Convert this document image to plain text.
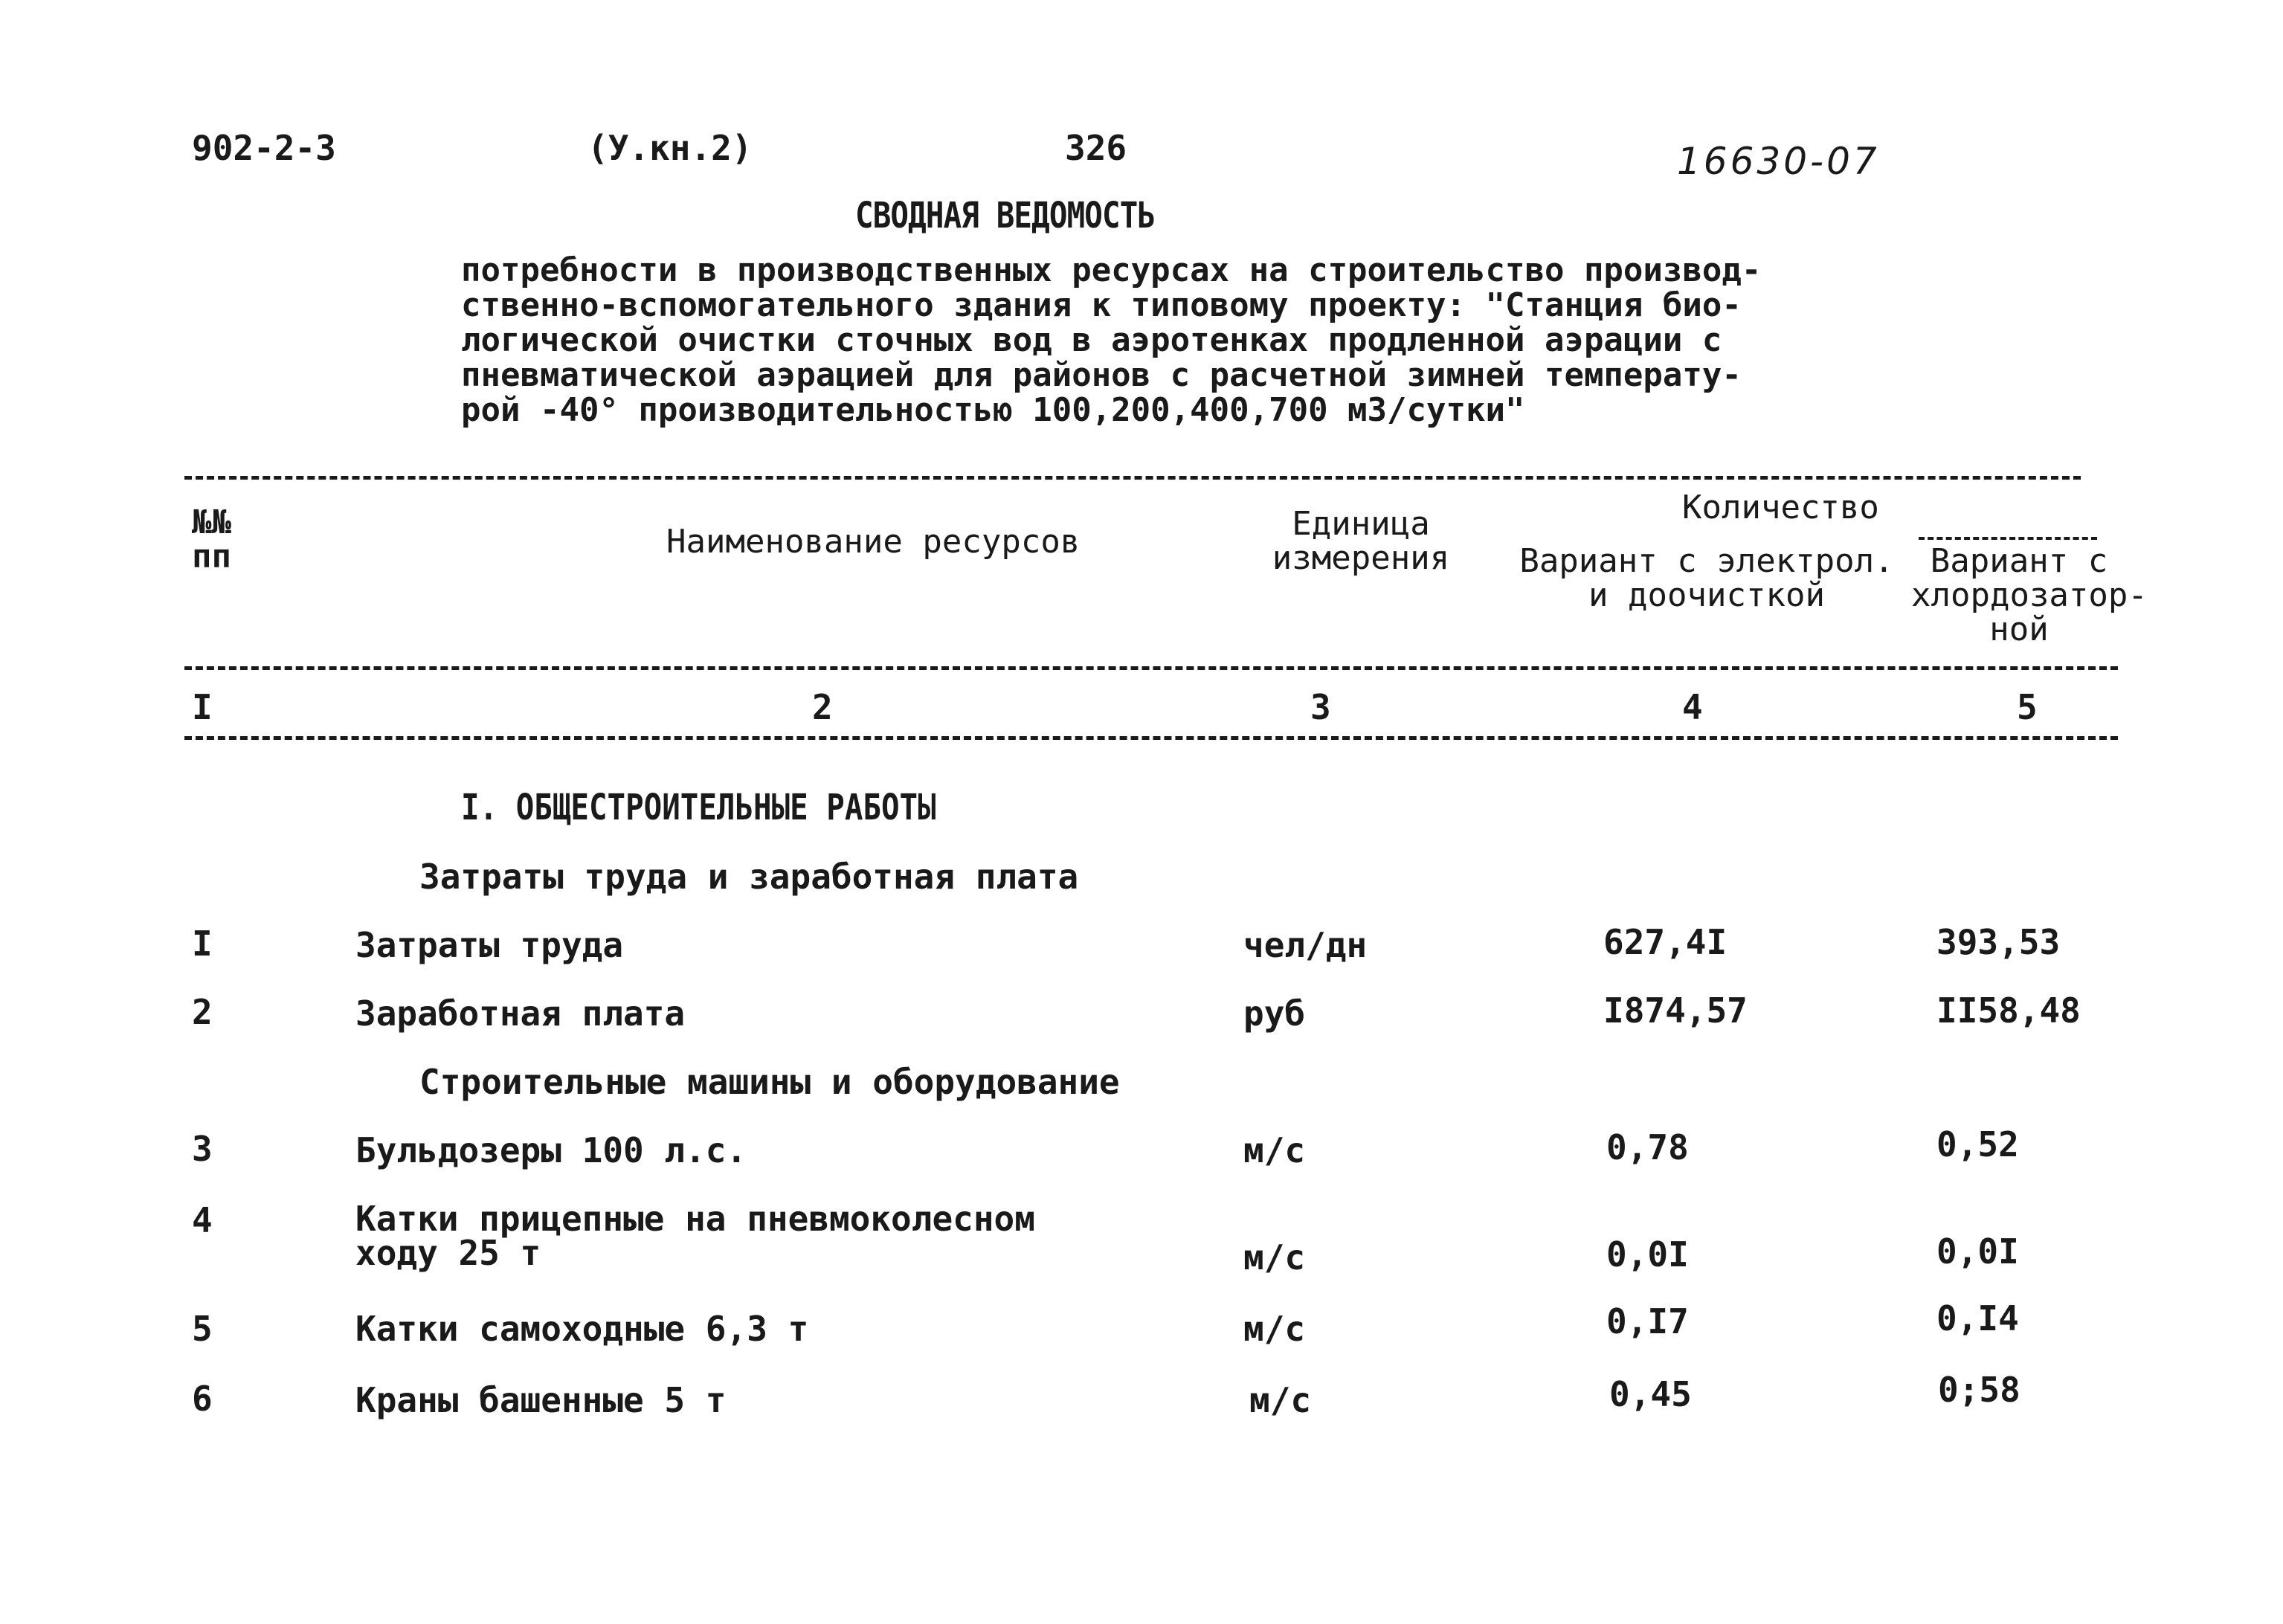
902-2-3	(У.кн.2)	326	16630-07
СВОДНАЯ ВЕДОМОСТЬ
потребности в производственных ресурсах на строительство производ-
ственно-вспомогательного здания к типовому проекту: "Станция био-
логической очистки сточных вод в аэротенках продленной аэрации с
пневматической аэрацией для районов с расчетной зимней температу-
рой -40° производительностью 100,200,400,700 м3/сутки"
№№
пп	Наименование ресурсов	Единица
измерения
Количество
Вариант с электрол.
и доочисткой
Вариант с
хлордозатор-
ной
I	2	3	4	5
I. ОБЩЕСТРОИТЕЛЬНЫЕ РАБОТЫ
Затраты труда и заработная плата
I	Затраты труда	чел/дн	627,4I	393,53
2	Заработная плата	руб	I874,57	II58,48
Строительные машины и оборудование
3	Бульдозеры 100 л.с.	м/с	0,78	0,52
4	Катки прицепные на пневмоколесном
ходу 25 т	м/с	0,0I	0,0I
5	Катки самоходные 6,3 т	м/с	0,I7	0,I4
6	Краны башенные 5 т	м/с	0,45	0;58
